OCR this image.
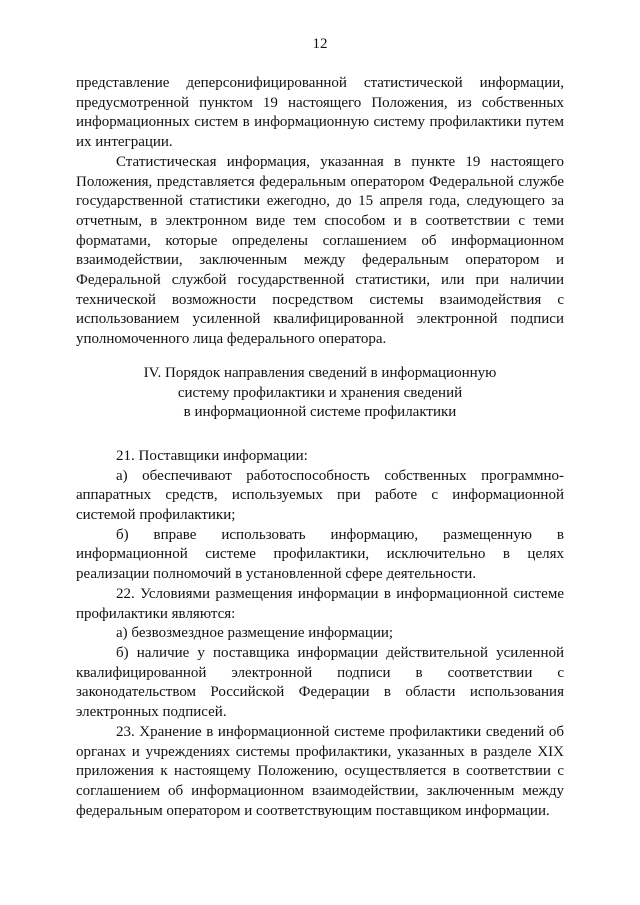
12

представление деперсонифицированной статистической информации, предусмотренной пунктом 19 настоящего Положения, из собственных информационных систем в информационную систему профилактики путем их интеграции.

Статистическая информация, указанная в пункте 19 настоящего Положения, представляется федеральным оператором Федеральной службе государственной статистики ежегодно, до 15 апреля года, следующего за отчетным, в электронном виде тем способом и в соответствии с теми форматами, которые определены соглашением об информационном взаимодействии, заключенным между федеральным оператором и Федеральной службой государственной статистики, или при наличии технической возможности посредством системы взаимодействия с использованием усиленной квалифицированной электронной подписи уполномоченного лица федерального оператора.

IV. Порядок направления сведений в информационную
систему профилактики и хранения сведений
в информационной системе профилактики

21. Поставщики информации:

а) обеспечивают работоспособность собственных программно-аппаратных средств, используемых при работе с информационной системой профилактики;

б) вправе использовать информацию, размещенную в информационной системе профилактики, исключительно в целях реализации полномочий в установленной сфере деятельности.

22. Условиями размещения информации в информационной системе профилактики являются:

а) безвозмездное размещение информации;

б) наличие у поставщика информации действительной усиленной квалифицированной электронной подписи в соответствии с законодательством Российской Федерации в области использования электронных подписей.

23. Хранение в информационной системе профилактики сведений об органах и учреждениях системы профилактики, указанных в разделе XIX приложения к настоящему Положению, осуществляется в соответствии с соглашением об информационном взаимодействии, заключенным между федеральным оператором и соответствующим поставщиком информации.
